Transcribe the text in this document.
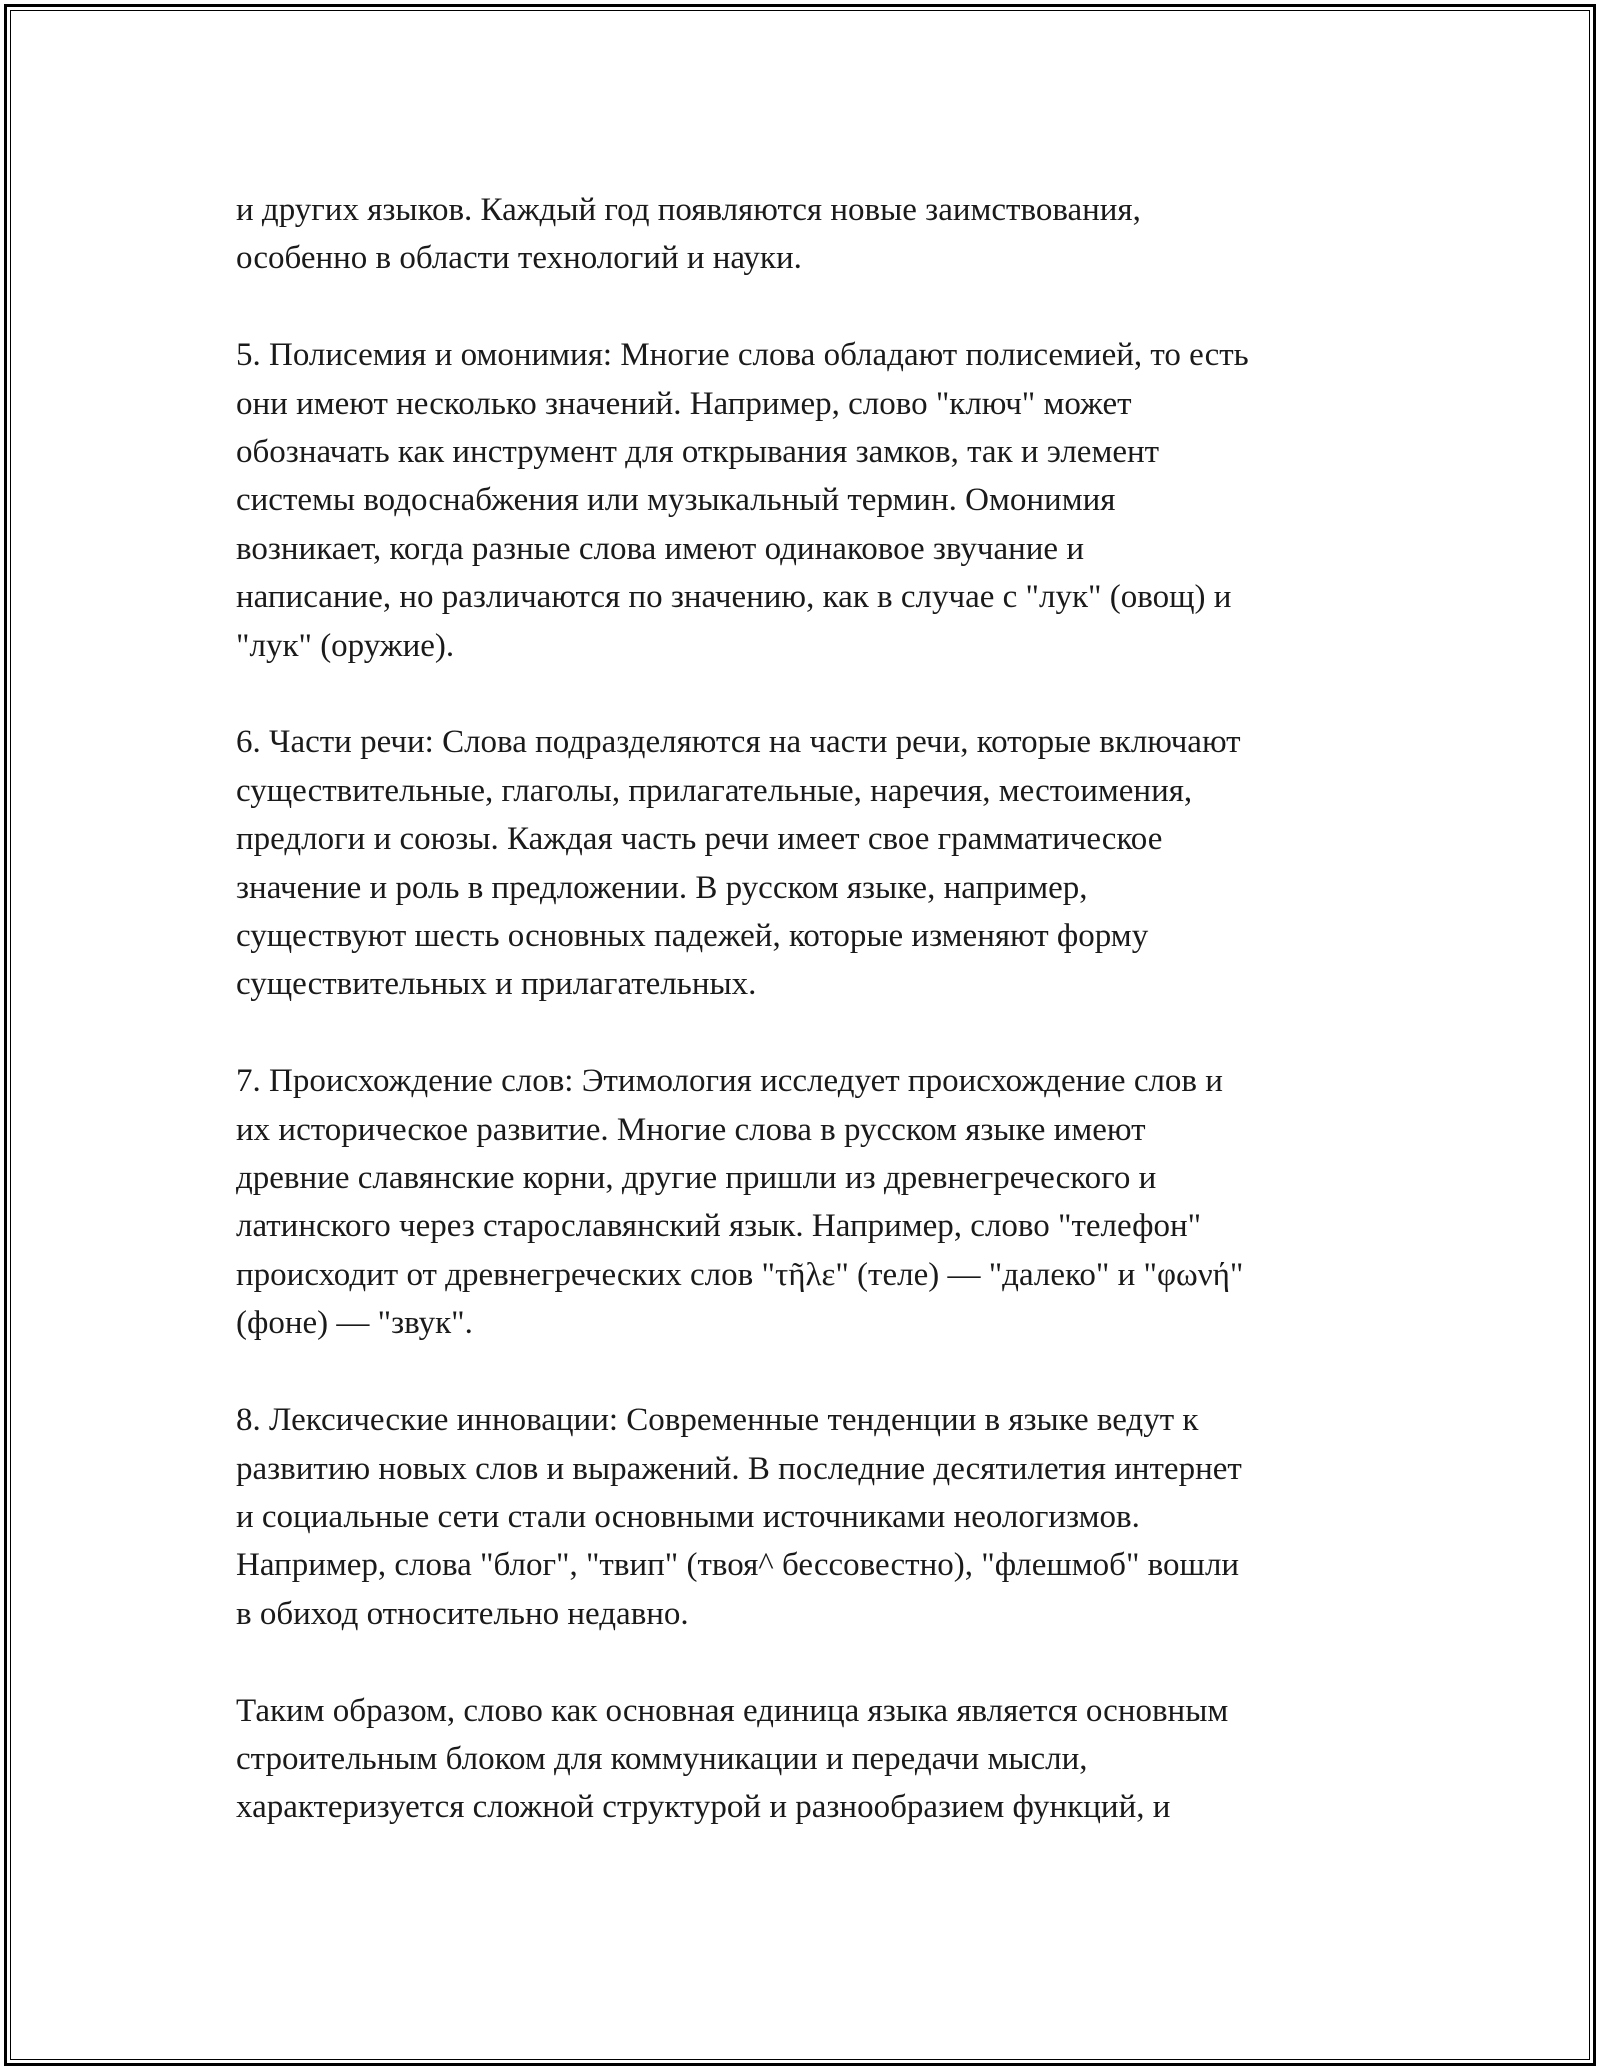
и других языков. Каждый год появляются новые заимствования,
особенно в области технологий и науки.

5. Полисемия и омонимия: Многие слова обладают полисемией, то есть
они имеют несколько значений. Например, слово "ключ" может
обозначать как инструмент для открывания замков, так и элемент
системы водоснабжения или музыкальный термин. Омонимия
возникает, когда разные слова имеют одинаковое звучание и
написание, но различаются по значению, как в случае с "лук" (овощ) и
"лук" (оружие).

6. Части речи: Слова подразделяются на части речи, которые включают
существительные, глаголы, прилагательные, наречия, местоимения,
предлоги и союзы. Каждая часть речи имеет свое грамматическое
значение и роль в предложении. В русском языке, например,
существуют шесть основных падежей, которые изменяют форму
существительных и прилагательных.

7. Происхождение слов: Этимология исследует происхождение слов и
их историческое развитие. Многие слова в русском языке имеют
древние славянские корни, другие пришли из древнегреческого и
латинского через старославянский язык. Например, слово "телефон"
происходит от древнегреческих слов "τῆλε" (теле) — "далеко" и "φωνή"
(фоне) — "звук".

8. Лексические инновации: Современные тенденции в языке ведут к
развитию новых слов и выражений. В последние десятилетия интернет
и социальные сети стали основными источниками неологизмов.
Например, слова "блог", "твип" (твоя^ бессовестно), "флешмоб" вошли
в обиход относительно недавно.

Таким образом, слово как основная единица языка является основным
строительным блоком для коммуникации и передачи мысли,
характеризуется сложной структурой и разнообразием функций, и
